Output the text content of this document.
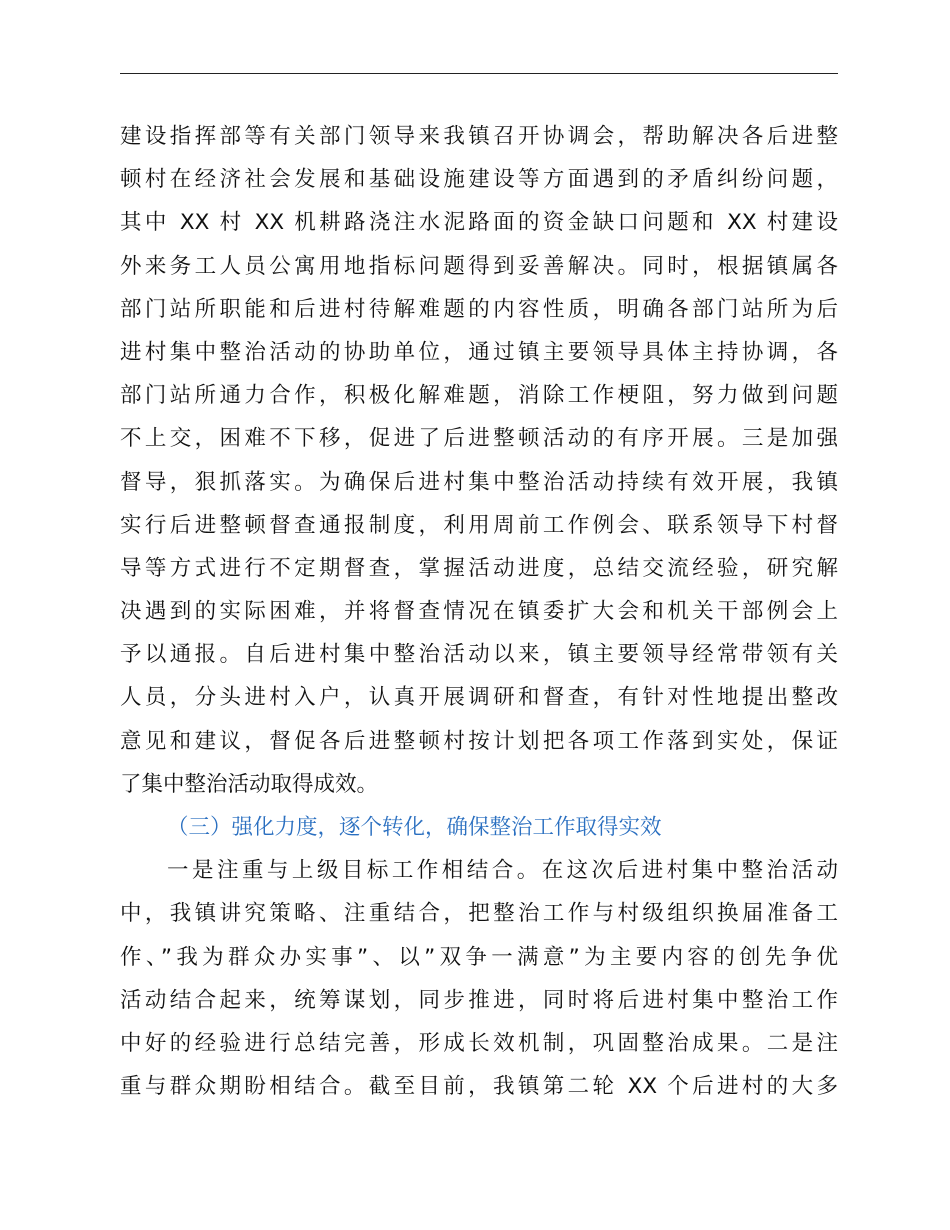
建设指挥部等有关部门领导来我镇召开协调会，帮助解决各后进整
顿村在经济社会发展和基础设施建设等方面遇到的矛盾纠纷问题，
其中 XX 村 XX 机耕路浇注水泥路面的资金缺口问题和 XX 村建设
外来务工人员公寓用地指标问题得到妥善解决。同时，根据镇属各
部门站所职能和后进村待解难题的内容性质，明确各部门站所为后
进村集中整治活动的协助单位，通过镇主要领导具体主持协调，各
部门站所通力合作，积极化解难题，消除工作梗阻，努力做到问题
不上交，困难不下移，促进了后进整顿活动的有序开展。三是加强
督导，狠抓落实。为确保后进村集中整治活动持续有效开展，我镇
实行后进整顿督查通报制度，利用周前工作例会、联系领导下村督
导等方式进行不定期督查，掌握活动进度，总结交流经验，研究解
决遇到的实际困难，并将督查情况在镇委扩大会和机关干部例会上
予以通报。自后进村集中整治活动以来，镇主要领导经常带领有关
人员，分头进村入户，认真开展调研和督查，有针对性地提出整改
意见和建议，督促各后进整顿村按计划把各项工作落到实处，保证
了集中整治活动取得成效。
（三）强化力度，逐个转化，确保整治工作取得实效
一是注重与上级目标工作相结合。在这次后进村集中整治活动
中，我镇讲究策略、注重结合，把整治工作与村级组织换届准备工
作、”我为群众办实事”、以”双争一满意”为主要内容的创先争优
活动结合起来，统筹谋划，同步推进，同时将后进村集中整治工作
中好的经验进行总结完善，形成长效机制，巩固整治成果。二是注
重与群众期盼相结合。截至目前，我镇第二轮 XX 个后进村的大多
